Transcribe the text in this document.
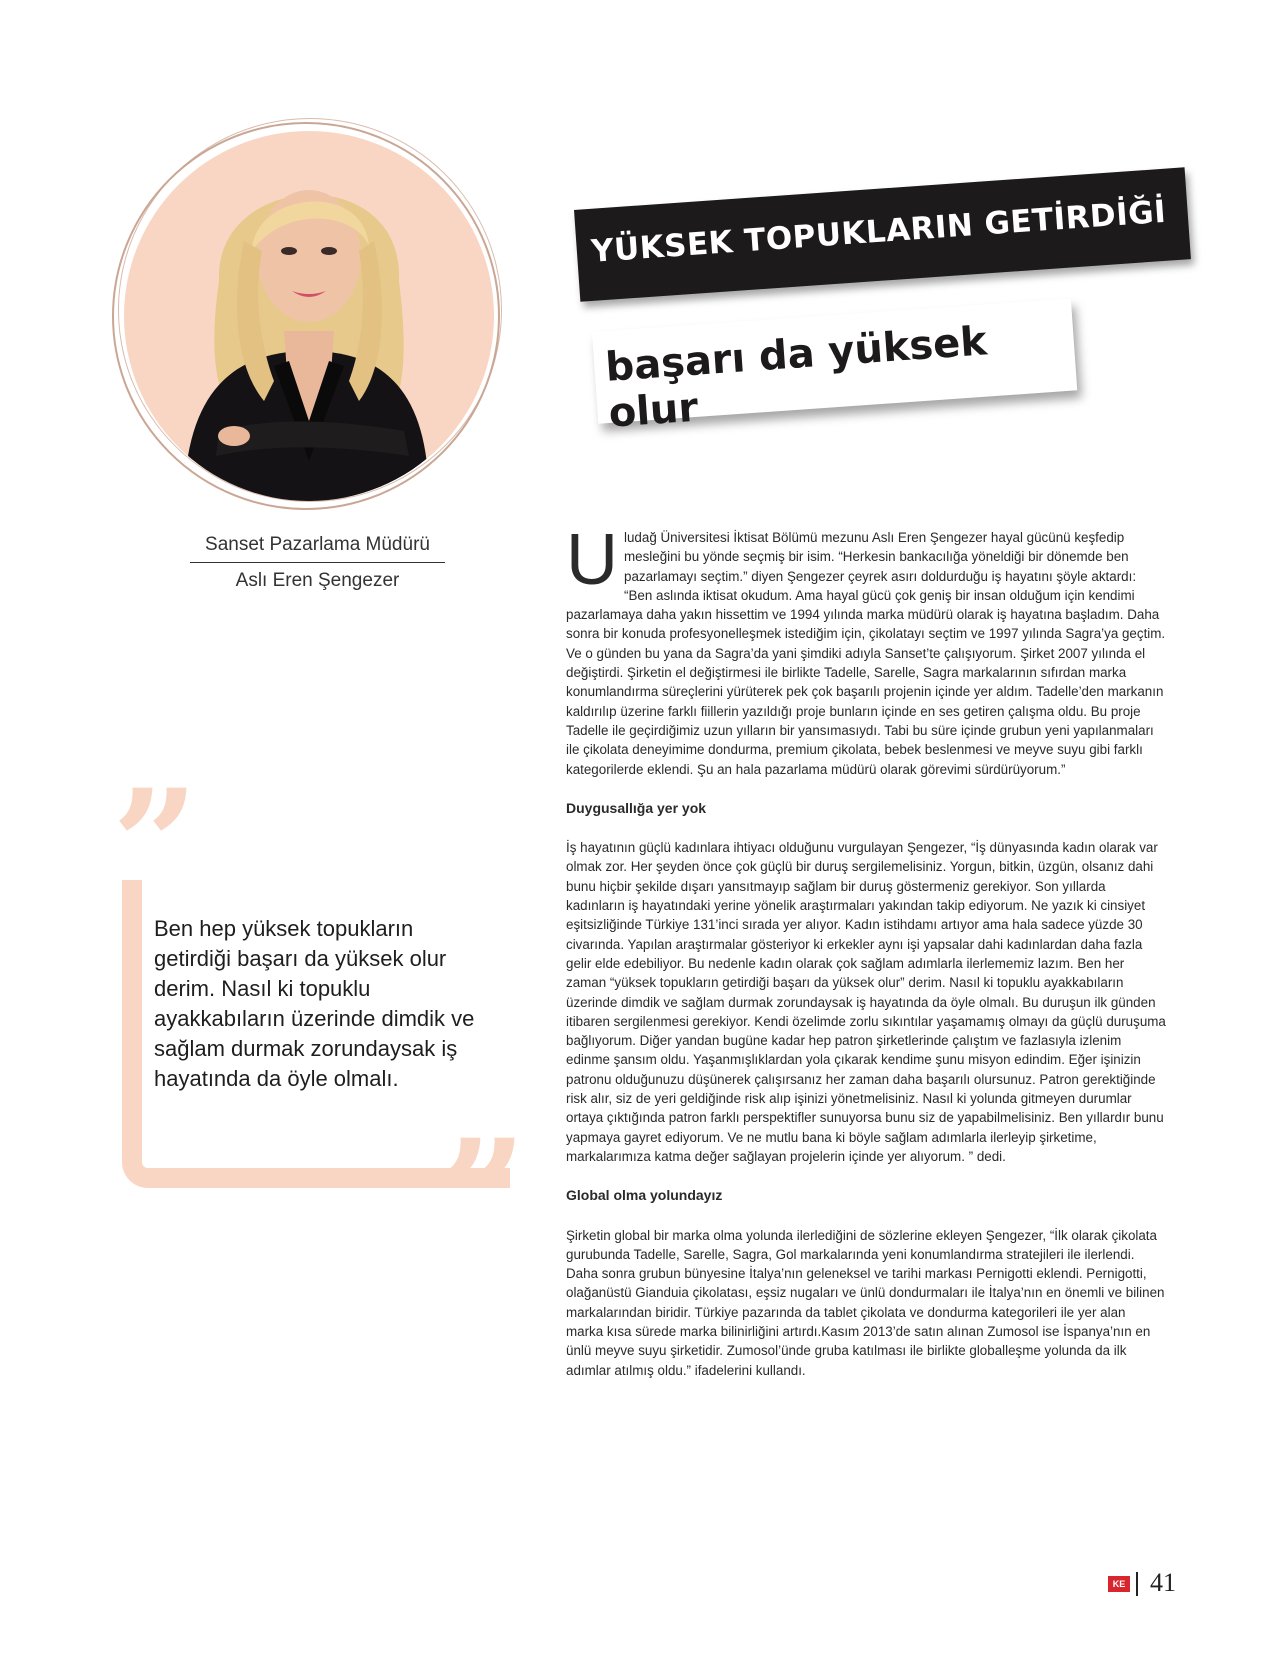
YÜKSEK TOPUKLARIN GETİRDİĞİ
başarı da yüksek olur
Sanset Pazarlama Müdürü
Aslı Eren Şengezer
”
”
Ben hep yüksek topukların getirdiği başarı da yüksek olur derim. Nasıl ki topuklu ayakkabıların üzerinde dimdik ve sağlam durmak zorundaysak iş hayatında da öyle olmalı.

U ludağ Üniversitesi İktisat Bölümü mezunu Aslı Eren Şengezer hayal gücünü keşfedip mesleğini bu yönde seçmiş bir isim. “Herkesin bankacılığa yöneldiği bir dönemde ben pazarlamayı seçtim.” diyen Şengezer çeyrek asırı doldurduğu iş hayatını şöyle aktardı: “Ben aslında iktisat okudum. Ama hayal gücü çok geniş bir insan olduğum için kendimi pazarlamaya daha yakın hissettim ve 1994 yılında marka müdürü olarak iş hayatına başladım. Daha sonra bir konuda profesyonelleşmek istediğim için, çikolatayı seçtim ve 1997 yılında Sagra’ya geçtim. Ve o günden bu yana da Sagra’da yani şimdiki adıyla Sanset’te çalışıyorum. Şirket 2007 yılında el değiştirdi. Şirketin el değiştirmesi ile birlikte Tadelle, Sarelle, Sagra markalarının sıfırdan marka konumlandırma süreçlerini yürüterek pek çok başarılı projenin içinde yer aldım. Tadelle’den markanın kaldırılıp üzerine farklı fiillerin yazıldığı proje bunların içinde en ses getiren çalışma oldu. Bu proje Tadelle ile geçirdiğimiz uzun yılların bir yansımasıydı. Tabi bu süre içinde grubun yeni yapılanmaları ile çikolata deneyimime dondurma, premium çikolata, bebek beslenmesi ve meyve suyu gibi farklı kategorilerde eklendi. Şu an hala pazarlama müdürü olarak görevimi sürdürüyorum.”

Duygusallığa yer yok

İş hayatının güçlü kadınlara ihtiyacı olduğunu vurgulayan Şengezer, “İş dünyasında kadın olarak var olmak zor. Her şeyden önce çok güçlü bir duruş sergilemelisiniz. Yorgun, bitkin, üzgün, olsanız dahi bunu hiçbir şekilde dışarı yansıtmayıp sağlam bir duruş göstermeniz gerekiyor. Son yıllarda kadınların iş hayatındaki yerine yönelik araştırmaları yakından takip ediyorum. Ne yazık ki cinsiyet eşitsizliğinde Türkiye 131’inci sırada yer alıyor. Kadın istihdamı artıyor ama hala sadece yüzde 30 civarında. Yapılan araştırmalar gösteriyor ki erkekler aynı işi yapsalar dahi kadınlardan daha fazla gelir elde edebiliyor. Bu nedenle kadın olarak çok sağlam adımlarla ilerlememiz lazım. Ben her zaman “yüksek topukların getirdiği başarı da yüksek olur” derim. Nasıl ki topuklu ayakkabıların üzerinde dimdik ve sağlam durmak zorundaysak iş hayatında da öyle olmalı. Bu duruşun ilk günden itibaren sergilenmesi gerekiyor. Kendi özelimde zorlu sıkıntılar yaşamamış olmayı da güçlü duruşuma bağlıyorum. Diğer yandan bugüne kadar hep patron şirketlerinde çalıştım ve fazlasıyla izlenim edinme şansım oldu. Yaşanmışlıklardan yola çıkarak kendime şunu misyon edindim. Eğer işinizin patronu olduğunuzu düşünerek çalışırsanız her zaman daha başarılı olursunuz. Patron gerektiğinde risk alır, siz de yeri geldiğinde risk alıp işinizi yönetmelisiniz. Nasıl ki yolunda gitmeyen durumlar ortaya çıktığında patron farklı perspektifler sunuyorsa bunu siz de yapabilmelisiniz. Ben yıllardır bunu yapmaya gayret ediyorum. Ve ne mutlu bana ki böyle sağlam adımlarla ilerleyip şirketime, markalarımıza katma değer sağlayan projelerin içinde yer alıyorum. ” dedi.

Global olma yolundayız

Şirketin global bir marka olma yolunda ilerlediğini de sözlerine ekleyen Şengezer, “İlk olarak çikolata gurubunda Tadelle, Sarelle, Sagra, Gol markalarında yeni konumlandırma stratejileri ile ilerlendi. Daha sonra grubun bünyesine İtalya’nın geleneksel ve tarihi markası Pernigotti eklendi. Pernigotti, olağanüstü Gianduia çikolatası, eşsiz nugaları ve ünlü dondurmaları ile İtalya’nın en önemli ve bilinen markalarından biridir. Türkiye pazarında da tablet çikolata ve dondurma kategorileri ile yer alan marka kısa sürede marka bilinirliğini artırdı.Kasım 2013’de satın alınan Zumosol ise İspanya’nın en ünlü meyve suyu şirketidir. Zumosol’ünde gruba katılması ile birlikte globalleşme yolunda da ilk adımlar atılmış oldu.” ifadelerini kullandı.

KE 41
